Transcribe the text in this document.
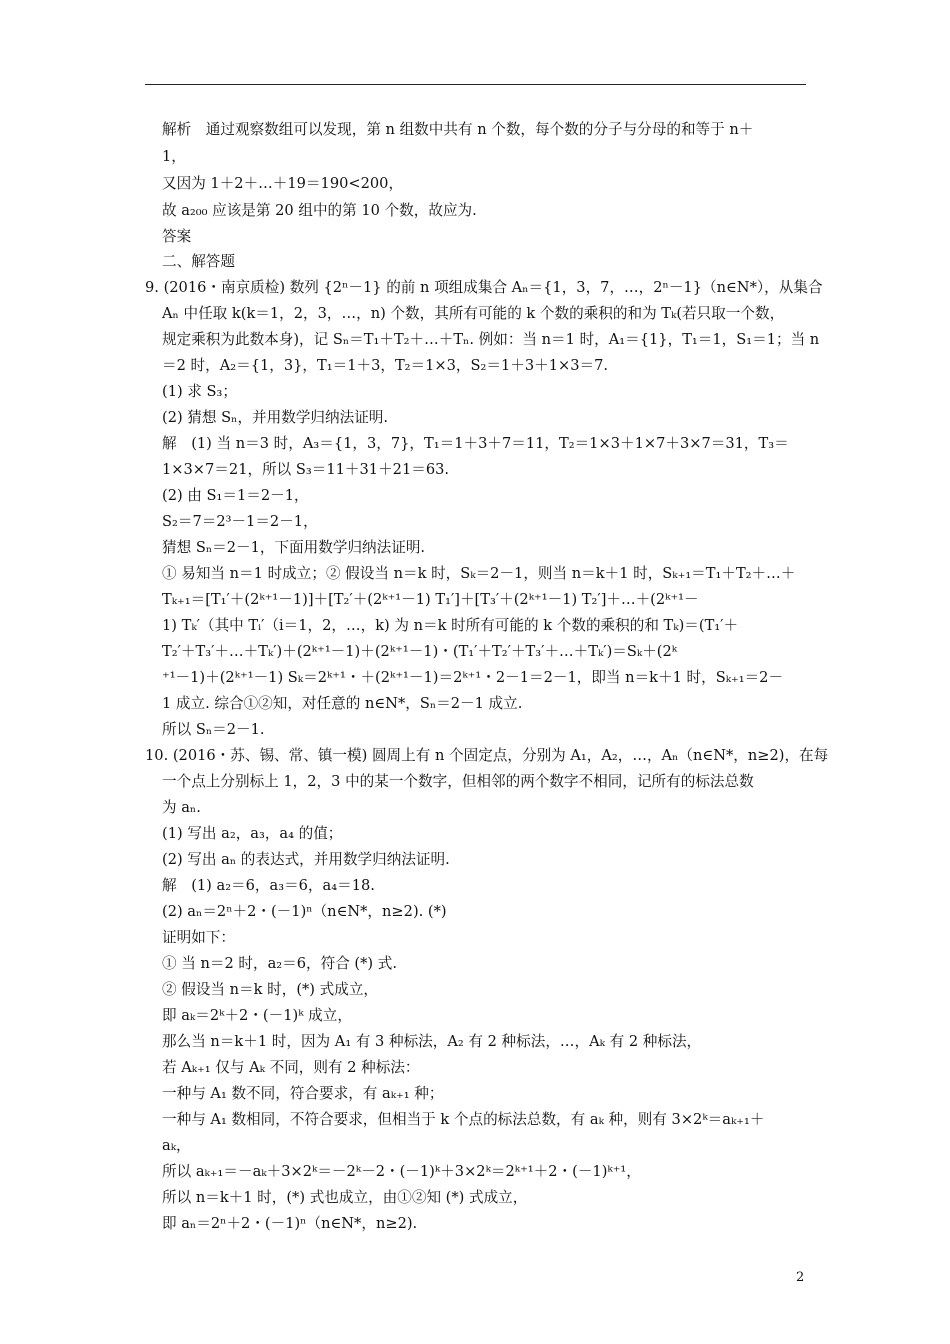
解析　通过观察数组可以发现，第 n 组数中共有 n 个数，每个数的分子与分母的和等于 n＋
1，
又因为 1＋2＋…＋19＝190<200，
故 a₂₀₀ 应该是第 20 组中的第 10 个数，故应为.
答案
二、解答题
9. (2016・南京质检) 数列 {2ⁿ－1} 的前 n 项组成集合 Aₙ＝{1，3，7，…，2ⁿ－1}（n∈N*），从集合
Aₙ 中任取 k(k＝1，2，3，…，n) 个数，其所有可能的 k 个数的乘积的和为 Tₖ(若只取一个数，
规定乘积为此数本身)，记 Sₙ＝T₁＋T₂＋…＋Tₙ. 例如：当 n＝1 时，A₁＝{1}，T₁＝1，S₁＝1；当 n
＝2 时，A₂＝{1，3}，T₁＝1＋3，T₂＝1×3，S₂＝1＋3＋1×3＝7.
(1) 求 S₃；
(2) 猜想 Sₙ，并用数学归纳法证明.
解　(1) 当 n＝3 时，A₃＝{1，3，7}，T₁＝1＋3＋7＝11，T₂＝1×3＋1×7＋3×7＝31，T₃＝
1×3×7＝21，所以 S₃＝11＋31＋21＝63.
(2) 由 S₁＝1＝2－1，
S₂＝7＝2³－1＝2－1，
猜想 Sₙ＝2－1，下面用数学归纳法证明.
① 易知当 n＝1 时成立；② 假设当 n＝k 时，Sₖ＝2－1，则当 n＝k＋1 时，Sₖ₊₁＝T₁＋T₂＋…＋
Tₖ₊₁＝[T₁′＋(2ᵏ⁺¹－1)]＋[T₂′＋(2ᵏ⁺¹－1) T₁′]＋[T₃′＋(2ᵏ⁺¹－1) T₂′]＋…＋(2ᵏ⁺¹－
1) Tₖ′（其中 Tᵢ′（i＝1，2，…，k) 为 n＝k 时所有可能的 k 个数的乘积的和 Tₖ)＝(T₁′＋
T₂′＋T₃′＋…＋Tₖ′)＋(2ᵏ⁺¹－1)＋(2ᵏ⁺¹－1)・(T₁′＋T₂′＋T₃′＋…＋Tₖ′)＝Sₖ＋(2ᵏ
⁺¹－1)＋(2ᵏ⁺¹－1) Sₖ＝2ᵏ⁺¹・＋(2ᵏ⁺¹－1)＝2ᵏ⁺¹・2－1＝2－1，即当 n＝k＋1 时，Sₖ₊₁＝2－
1 成立. 综合①②知，对任意的 n∈N*，Sₙ＝2－1 成立.
所以 Sₙ＝2－1.
10. (2016・苏、锡、常、镇一模) 圆周上有 n 个固定点，分别为 A₁，A₂，…，Aₙ（n∈N*，n≥2)，在每
一个点上分别标上 1，2，3 中的某一个数字，但相邻的两个数字不相同，记所有的标法总数
为 aₙ.
(1) 写出 a₂，a₃，a₄ 的值；
(2) 写出 aₙ 的表达式，并用数学归纳法证明.
解　(1) a₂＝6，a₃＝6，a₄＝18.
(2) aₙ＝2ⁿ＋2・(－1)ⁿ（n∈N*，n≥2). (*)
证明如下：
① 当 n＝2 时，a₂＝6，符合 (*) 式.
② 假设当 n＝k 时，(*) 式成立，
即 aₖ＝2ᵏ＋2・(－1)ᵏ 成立，
那么当 n＝k＋1 时，因为 A₁ 有 3 种标法，A₂ 有 2 种标法，…，Aₖ 有 2 种标法，
若 Aₖ₊₁ 仅与 Aₖ 不同，则有 2 种标法：
一种与 A₁ 数不同，符合要求，有 aₖ₊₁ 种；
一种与 A₁ 数相同，不符合要求，但相当于 k 个点的标法总数，有 aₖ 种，则有 3×2ᵏ＝aₖ₊₁＋
aₖ，
所以 aₖ₊₁＝－aₖ＋3×2ᵏ＝－2ᵏ－2・(－1)ᵏ＋3×2ᵏ＝2ᵏ⁺¹＋2・(－1)ᵏ⁺¹，
所以 n＝k＋1 时，(*) 式也成立，由①②知 (*) 式成立，
即 aₙ＝2ⁿ＋2・(－1)ⁿ（n∈N*，n≥2).
2
